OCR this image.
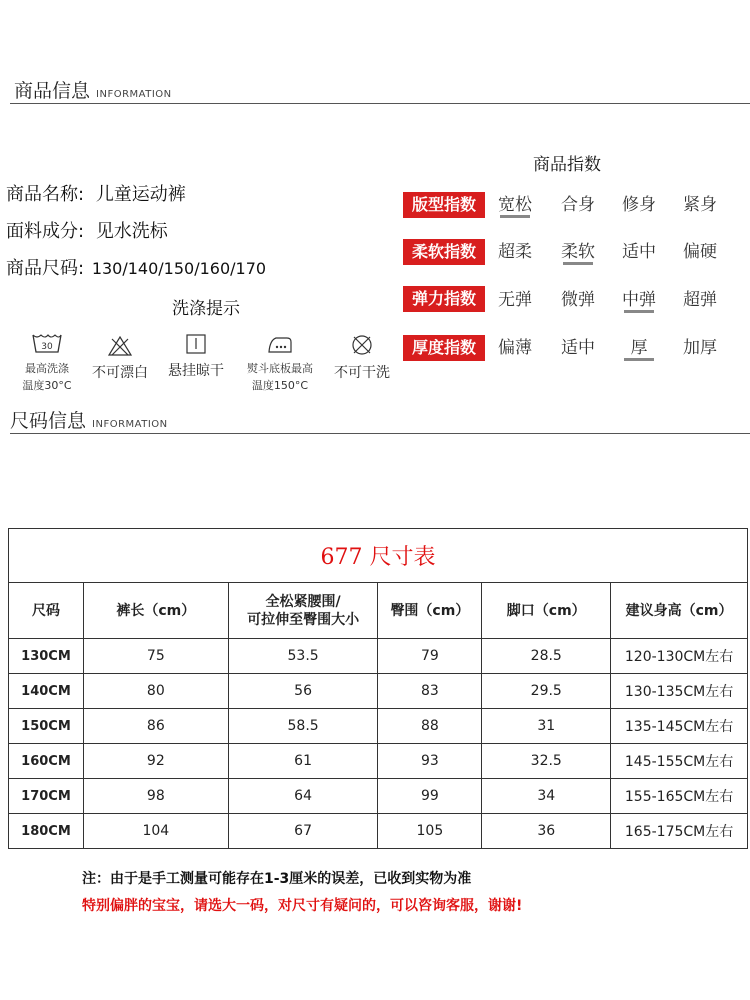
商品信息 INFORMATION
商品名称: 儿童运动裤
面料成分: 见水洗标
商品尺码: 130/140/150/160/170
洗涤提示
30
最高洗涤
温度30°C
不可漂白	悬挂晾干	熨斗底板最高
温度150°C
不可干洗
商品指数
版型指数	宽松	合身	修身	紧身
柔软指数	超柔	柔软	适中	偏硬
弹力指数	无弹	微弹	中弹	超弹
厚度指数	偏薄	适中	厚	加厚
尺码信息 INFORMATION
677 尺寸表					
尺码	裤长（cm）	全松紧腰围/
可拉伸至臀围大小	臀围（cm）	脚口（cm）	建议身高（cm）
130CM	75	53.5	79	28.5	120-130CM左右
140CM	80	56	83	29.5	130-135CM左右
150CM	86	58.5	88	31	135-145CM左右
160CM	92	61	93	32.5	145-155CM左右
170CM	98	64	99	34	155-165CM左右
180CM	104	67	105	36	165-175CM左右
注：由于是手工测量可能存在1-3厘米的误差，已收到实物为准
特别偏胖的宝宝，请选大一码，对尺寸有疑问的，可以咨询客服，谢谢!
